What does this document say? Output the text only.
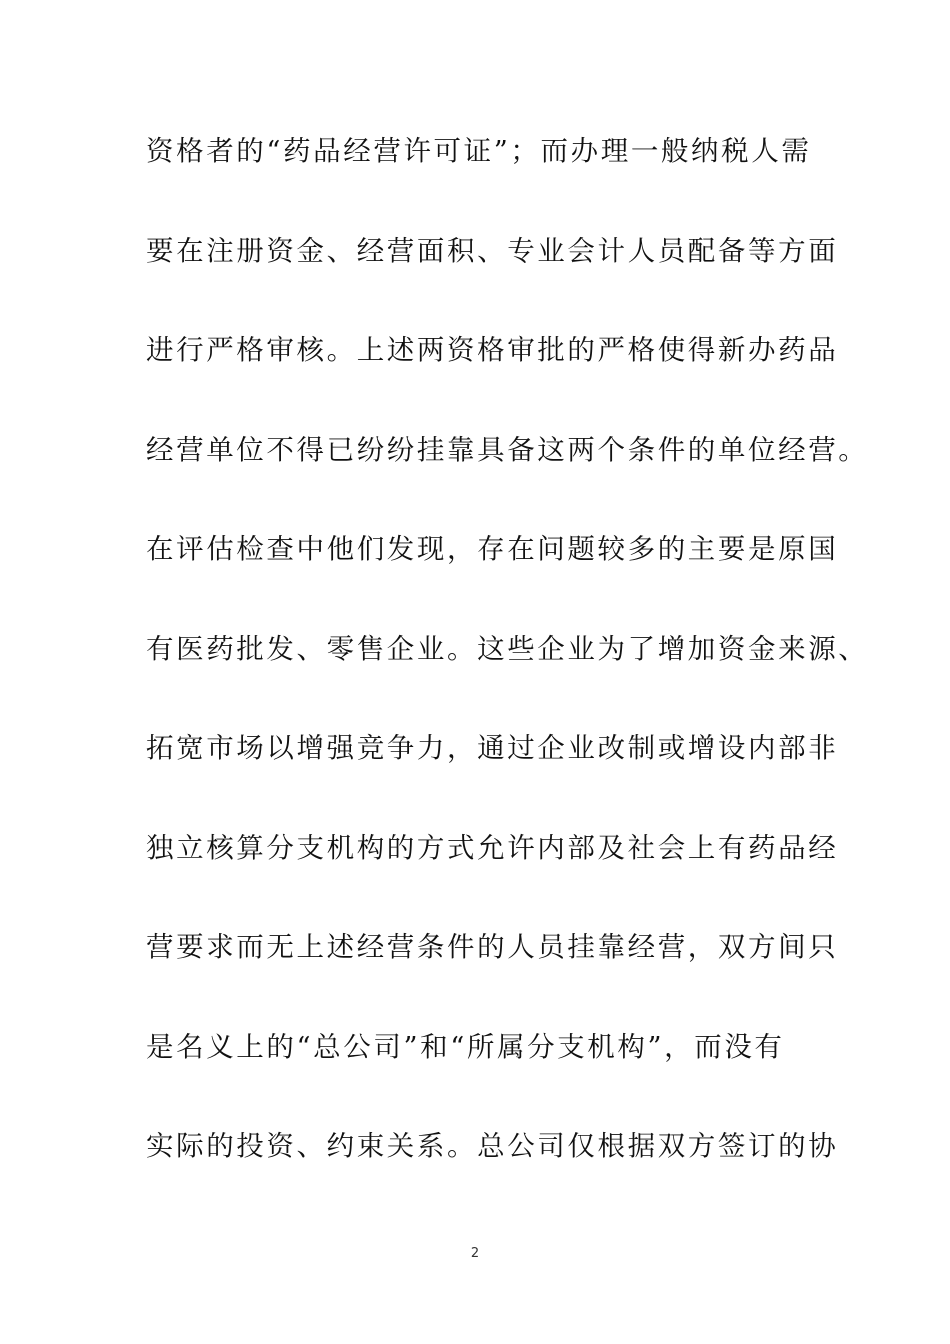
资格者的“药品经营许可证”；而办理一般纳税人需
要在注册资金、经营面积、专业会计人员配备等方面
进行严格审核。上述两资格审批的严格使得新办药品
经营单位不得已纷纷挂靠具备这两个条件的单位经营。
在评估检查中他们发现，存在问题较多的主要是原国
有医药批发、零售企业。这些企业为了增加资金来源、
拓宽市场以增强竞争力，通过企业改制或增设内部非
独立核算分支机构的方式允许内部及社会上有药品经
营要求而无上述经营条件的人员挂靠经营，双方间只
是名义上的“总公司”和“所属分支机构”，而没有
实际的投资、约束关系。总公司仅根据双方签订的协
2
